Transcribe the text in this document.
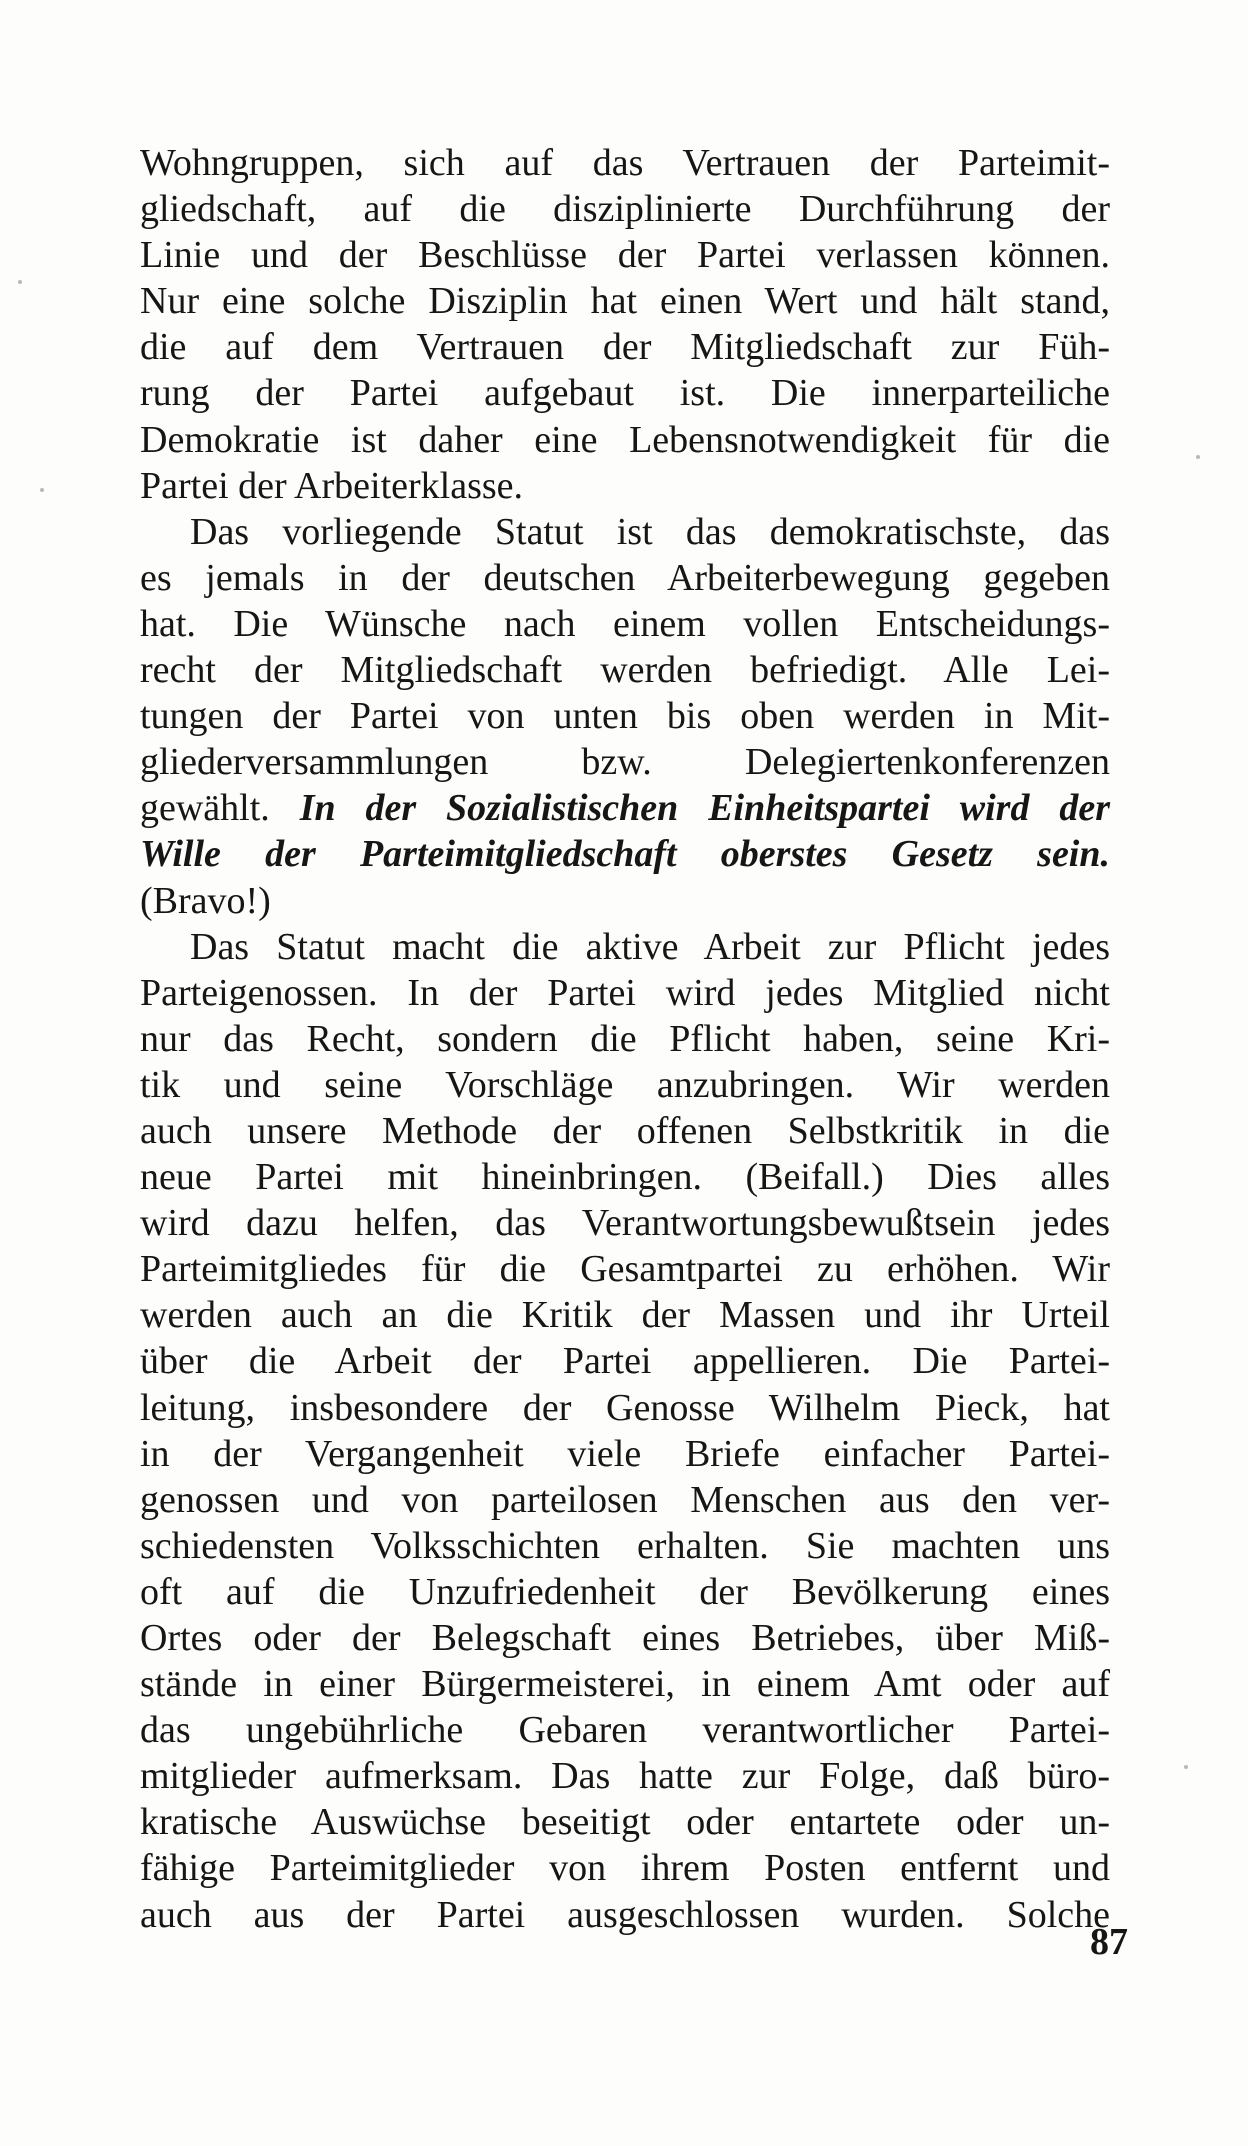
Wohngruppen, sich auf das Vertrauen der Parteimit-
gliedschaft, auf die disziplinierte Durchführung der
Linie und der Beschlüsse der Partei verlassen können.
Nur eine solche Disziplin hat einen Wert und hält stand,
die auf dem Vertrauen der Mitgliedschaft zur Füh-
rung der Partei aufgebaut ist. Die innerparteiliche
Demokratie ist daher eine Lebensnotwendigkeit für die
Partei der Arbeiterklasse.
Das vorliegende Statut ist das demokratischste, das
es jemals in der deutschen Arbeiterbewegung gegeben
hat. Die Wünsche nach einem vollen Entscheidungs-
recht der Mitgliedschaft werden befriedigt. Alle Lei-
tungen der Partei von unten bis oben werden in Mit-
gliederversammlungen bzw. Delegiertenkonferenzen
gewählt. In der Sozialistischen Einheitspartei wird der
Wille der Parteimitgliedschaft oberstes Gesetz sein.
(Bravo!)
Das Statut macht die aktive Arbeit zur Pflicht jedes
Parteigenossen. In der Partei wird jedes Mitglied nicht
nur das Recht, sondern die Pflicht haben, seine Kri-
tik und seine Vorschläge anzubringen. Wir werden
auch unsere Methode der offenen Selbstkritik in die
neue Partei mit hineinbringen. (Beifall.) Dies alles
wird dazu helfen, das Verantwortungsbewußtsein jedes
Parteimitgliedes für die Gesamtpartei zu erhöhen. Wir
werden auch an die Kritik der Massen und ihr Urteil
über die Arbeit der Partei appellieren. Die Partei-
leitung, insbesondere der Genosse Wilhelm Pieck, hat
in der Vergangenheit viele Briefe einfacher Partei-
genossen und von parteilosen Menschen aus den ver-
schiedensten Volksschichten erhalten. Sie machten uns
oft auf die Unzufriedenheit der Bevölkerung eines
Ortes oder der Belegschaft eines Betriebes, über Miß-
stände in einer Bürgermeisterei, in einem Amt oder auf
das ungebührliche Gebaren verantwortlicher Partei-
mitglieder aufmerksam. Das hatte zur Folge, daß büro-
kratische Auswüchse beseitigt oder entartete oder un-
fähige Parteimitglieder von ihrem Posten entfernt und
auch aus der Partei ausgeschlossen wurden. Solche
87
